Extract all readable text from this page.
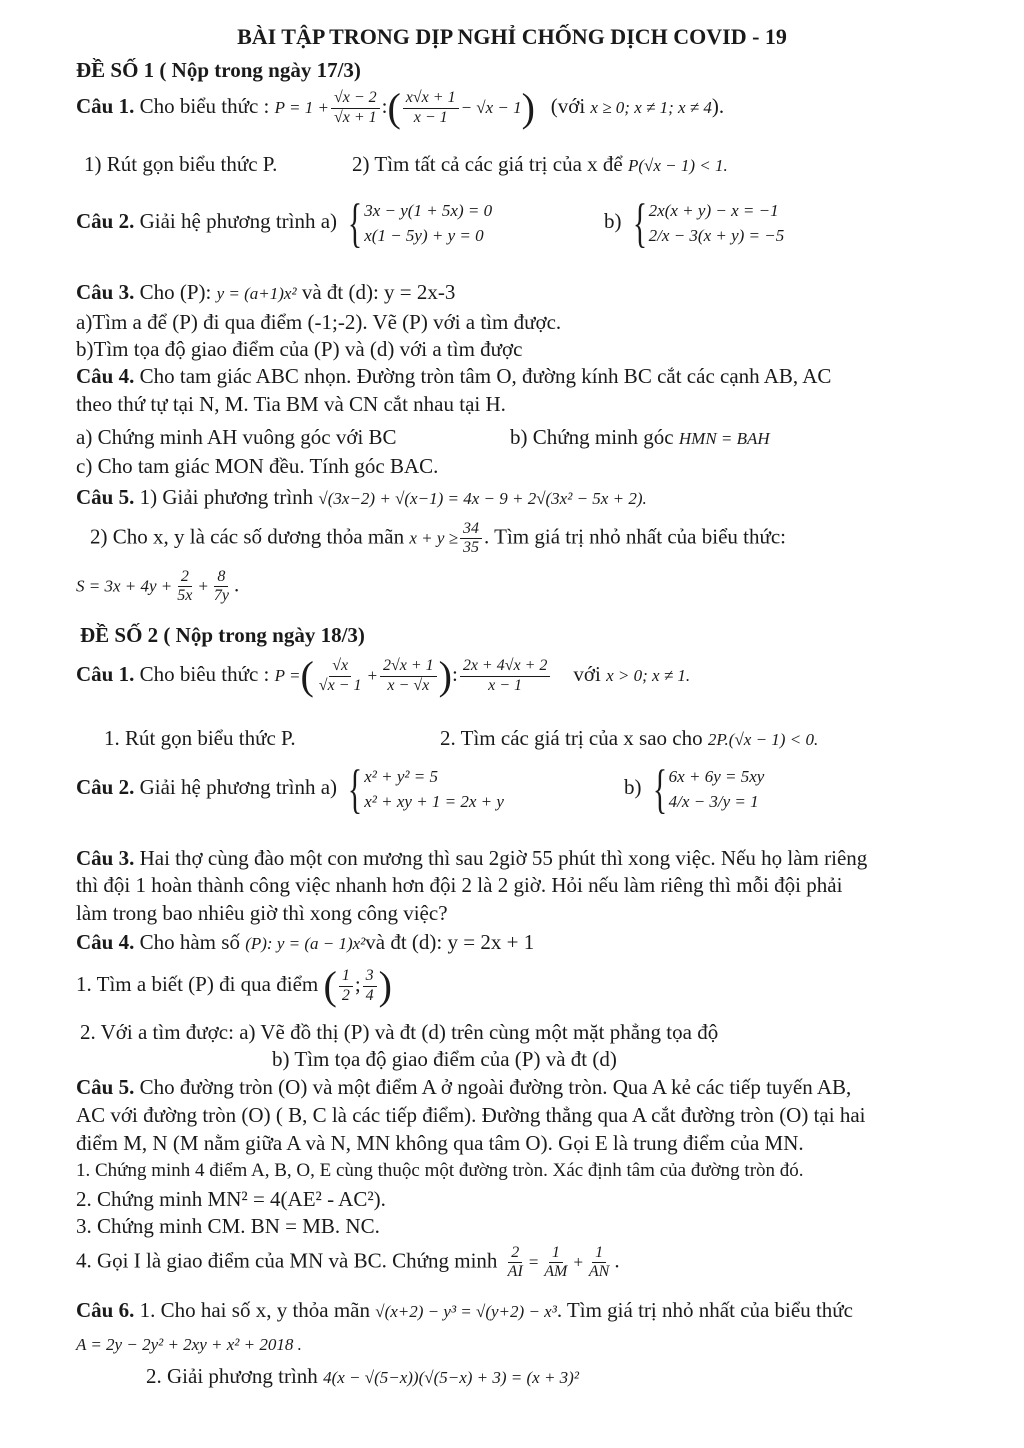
BÀI TẬP TRONG DỊP NGHỈ CHỐNG DỊCH COVID - 19
ĐỀ SỐ 1 ( Nộp trong ngày 17/3)
Câu 1. Cho biểu thức : $P = 1 + \frac{√x - 2}{√x + 1}$ :( $\frac{x√x + 1}{x - 1} - √x - 1$) (với x ≥ 0; x ≠ 1; x ≠ 4).
1) Rút gọn biểu thức P.	2) Tìm tất cả các giá trị của x để P(√x − 1) < 1.
Câu 2. Giải hệ phương trình a) { 3x − y(1 + 5x) = 0
x(1 − 5y) + y = 0
b) { 2x(x + y) − x = −1
2/x − 3(x + y) = −5
Câu 3. Cho (P): y = (a+1)x² và đt (d): y = 2x-3
a)Tìm a để (P) đi qua điểm (-1;-2). Vẽ (P) với a tìm được.
b)Tìm tọa độ giao điểm của (P) và (d) với a tìm được
Câu 4. Cho tam giác ABC nhọn. Đường tròn tâm O, đường kính BC cắt các cạnh AB, AC
theo thứ tự tại N, M. Tia BM và CN cắt nhau tại H.
a) Chứng minh AH vuông góc với BC	b) Chứng minh góc HMN = BAH
c) Cho tam giác MON đều. Tính góc BAC.
Câu 5. 1) Giải phương trình √(3x−2) + √(x−1) = 4x − 9 + 2√(3x² − 5x + 2).
2) Cho x, y là các số dương thỏa mãn $x + y \ge \frac{34}{35}$ . Tìm giá trị nhỏ nhất của biểu thức:
$S = 3x + 4y + \frac{2}{5x} + \frac{8}{7y}$ .
ĐỀ SỐ 2 ( Nộp trong ngày 18/3)
Câu 1. Cho biêu thức : P =( $\frac{√x}{√x - 1} + \frac{2√x + 1}{x - √x}$ ): $\frac{2x + 4√x + 2}{x - 1}$ với x > 0; x ≠ 1.
1. Rút gọn biểu thức P.	2. Tìm các giá trị của x sao cho 2P.(√x − 1) < 0.
Câu 2. Giải hệ phương trình a) { x² + y² = 5
x² + xy + 1 = 2x + y
b) { 6x + 6y = 5xy
4/x − 3/y = 1
Câu 3. Hai thợ cùng đào một con mương thì sau 2giờ 55 phút thì xong việc. Nếu họ làm riêng
thì đội 1 hoàn thành công việc nhanh hơn đội 2 là 2 giờ. Hỏi nếu làm riêng thì mỗi đội phải
làm trong bao nhiêu giờ thì xong công việc?
Câu 4. Cho hàm số (P): y = (a − 1)x²và đt (d): y = 2x + 1
1. Tìm a biết (P) đi qua điểm ( $\frac{1}{2}$ ; $\frac{3}{4}$ )
2. Với a tìm được: a) Vẽ đồ thị (P) và đt (d) trên cùng một mặt phẳng tọa độ
b) Tìm tọa độ giao điểm của (P) và đt (d)
Câu 5. Cho đường tròn (O) và một điểm A ở ngoài đường tròn. Qua A kẻ các tiếp tuyến AB,
AC với đường tròn (O) ( B, C là các tiếp điểm). Đường thẳng qua A cắt đường tròn (O) tại hai
điểm M, N (M nằm giữa A và N, MN không qua tâm O). Gọi E là trung điểm của MN.
1. Chứng minh 4 điểm A, B, O, E cùng thuộc một đường tròn. Xác định tâm của đường tròn đó.
2. Chứng minh MN² = 4(AE² - AC²).
3. Chứng minh CM. BN = MB. NC.
4. Gọi I là giao điểm của MN và BC. Chứng minh $\frac{2}{AI} = \frac{1}{AM} + \frac{1}{AN}$ .
Câu 6. 1. Cho hai số x, y thỏa mãn √(x+2) − y³ = √(y+2) − x³. Tìm giá trị nhỏ nhất của biểu thức
A = 2y − 2y² + 2xy + x² + 2018 .
2. Giải phương trình 4(x − √(5−x))(√(5−x) + 3) = (x + 3)²
